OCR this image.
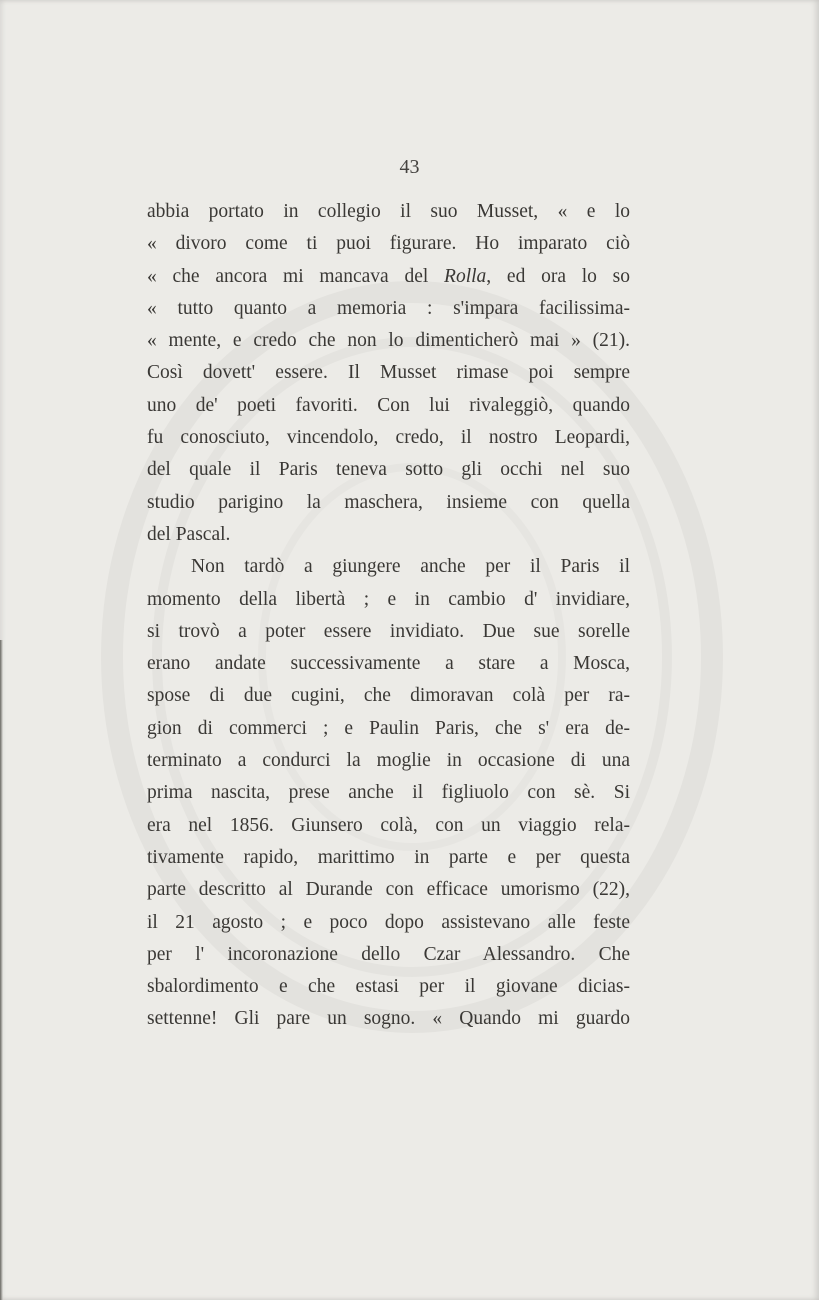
43
abbia portato in collegio il suo Musset, « e lo
« divoro come ti puoi figurare. Ho imparato ciò
« che ancora mi mancava del Rolla, ed ora lo so
« tutto quanto a memoria : s'impara facilissima-
« mente, e credo che non lo dimenticherò mai » (21).
Così dovett' essere. Il Musset rimase poi sempre
uno de' poeti favoriti. Con lui rivaleggiò, quando
fu conosciuto, vincendolo, credo, il nostro Leopardi,
del quale il Paris teneva sotto gli occhi nel suo
studio parigino la maschera, insieme con quella
del Pascal.
Non tardò a giungere anche per il Paris il
momento della libertà ; e in cambio d' invidiare,
si trovò a poter essere invidiato. Due sue sorelle
erano andate successivamente a stare a Mosca,
spose di due cugini, che dimoravan colà per ra-
gion di commerci ; e Paulin Paris, che s' era de-
terminato a condurci la moglie in occasione di una
prima nascita, prese anche il figliuolo con sè. Si
era nel 1856. Giunsero colà, con un viaggio rela-
tivamente rapido, marittimo in parte e per questa
parte descritto al Durande con efficace umorismo (22),
il 21 agosto ; e poco dopo assistevano alle feste
per l' incoronazione dello Czar Alessandro. Che
sbalordimento e che estasi per il giovane dicias-
settenne! Gli pare un sogno. « Quando mi guardo
